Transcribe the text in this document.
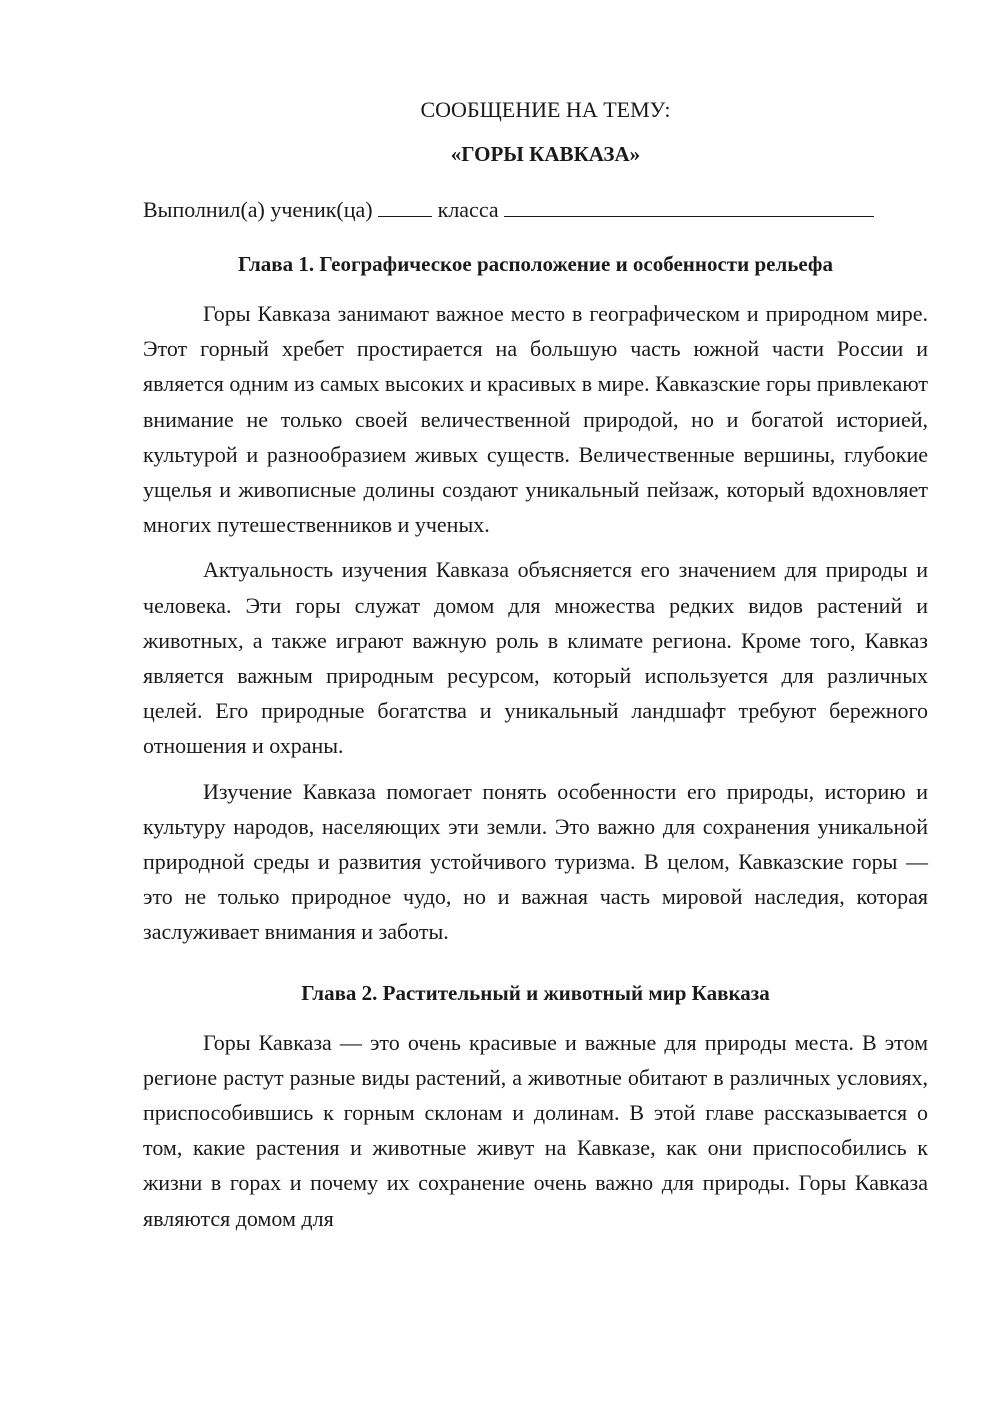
СООБЩЕНИЕ НА ТЕМУ:

«ГОРЫ КАВКАЗА»

Выполнил(а) ученик(ца)	класса

Глава 1. Географическое расположение и особенности рельефа

Горы Кавказа занимают важное место в географическом и природном мире. Этот горный хребет простирается на большую часть южной части России и является одним из самых высоких и красивых в мире. Кавказские горы привлекают внимание не только своей величественной природой, но и богатой историей, культурой и разнообразием живых существ. Величественные вершины, глубокие ущелья и живописные долины создают уникальный пейзаж, который вдохновляет многих путешественников и ученых.

Актуальность изучения Кавказа объясняется его значением для природы и человека. Эти горы служат домом для множества редких видов растений и животных, а также играют важную роль в климате региона. Кроме того, Кавказ является важным природным ресурсом, который используется для различных целей. Его природные богатства и уникальный ландшафт требуют бережного отношения и охраны.

Изучение Кавказа помогает понять особенности его природы, историю и культуру народов, населяющих эти земли. Это важно для сохранения уникальной природной среды и развития устойчивого туризма. В целом, Кавказские горы — это не только природное чудо, но и важная часть мировой наследия, которая заслуживает внимания и заботы.

Глава 2. Растительный и животный мир Кавказа

Горы Кавказа — это очень красивые и важные для природы места. В этом регионе растут разные виды растений, а животные обитают в различных условиях, приспособившись к горным склонам и долинам. В этой главе рассказывается о том, какие растения и животные живут на Кавказе, как они приспособились к жизни в горах и почему их сохранение очень важно для природы. Горы Кавказа являются домом для
